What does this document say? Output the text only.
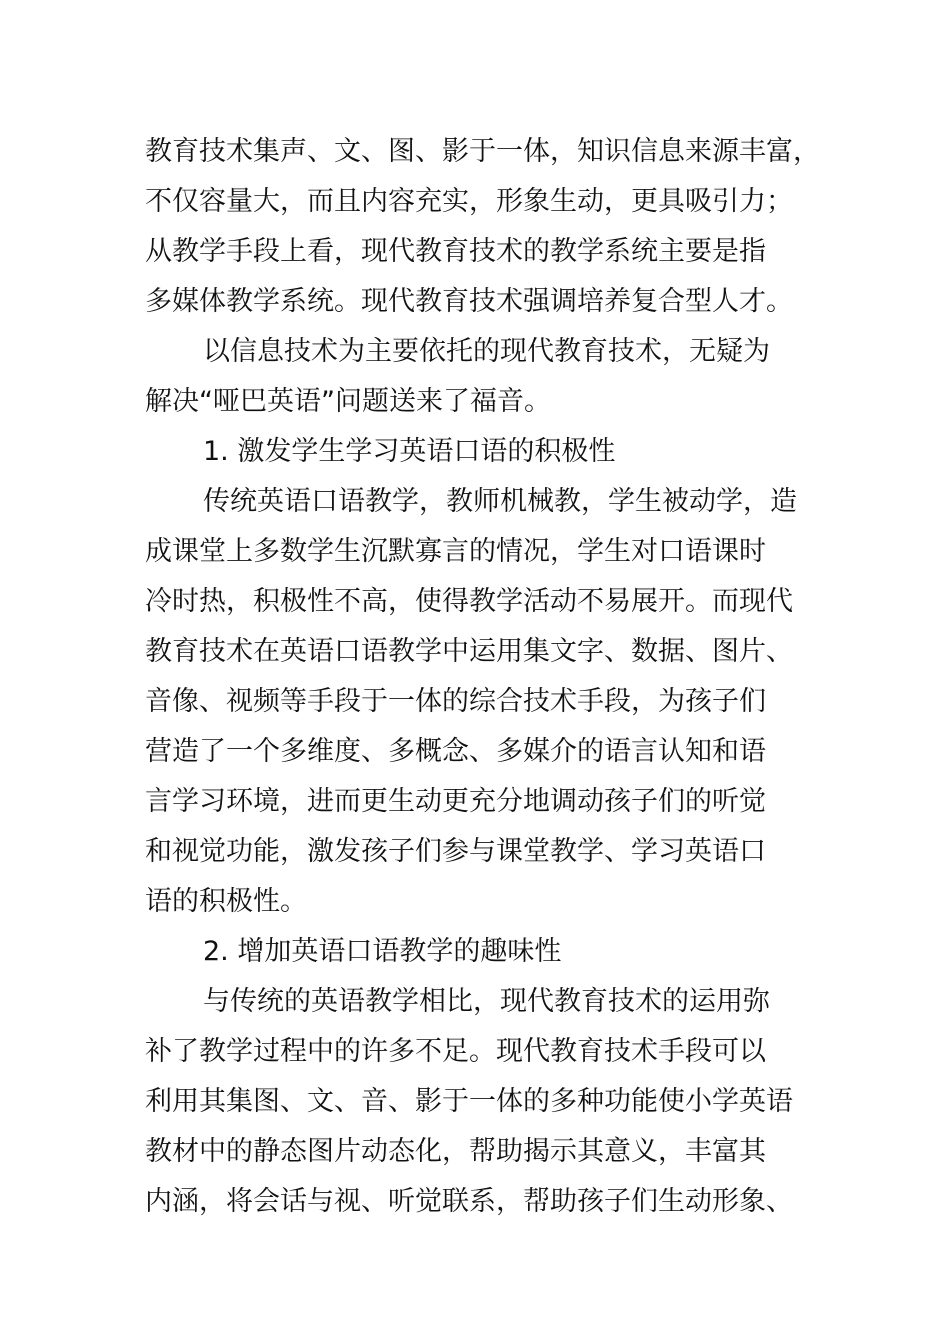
教育技术集声、文、图、影于一体，知识信息来源丰富，
不仅容量大，而且内容充实，形象生动，更具吸引力；
从教学手段上看，现代教育技术的教学系统主要是指
多媒体教学系统。现代教育技术强调培养复合型人才。
以信息技术为主要依托的现代教育技术，无疑为
解决“哑巴英语”问题送来了福音。
1. 激发学生学习英语口语的积极性
传统英语口语教学，教师机械教，学生被动学，造
成课堂上多数学生沉默寡言的情况，学生对口语课时
冷时热，积极性不高，使得教学活动不易展开。而现代
教育技术在英语口语教学中运用集文字、数据、图片、
音像、视频等手段于一体的综合技术手段，为孩子们
营造了一个多维度、多概念、多媒介的语言认知和语
言学习环境，进而更生动更充分地调动孩子们的听觉
和视觉功能，激发孩子们参与课堂教学、学习英语口
语的积极性。
2. 增加英语口语教学的趣味性
与传统的英语教学相比，现代教育技术的运用弥
补了教学过程中的许多不足。现代教育技术手段可以
利用其集图、文、音、影于一体的多种功能使小学英语
教材中的静态图片动态化，帮助揭示其意义，丰富其
内涵，将会话与视、听觉联系，帮助孩子们生动形象、
